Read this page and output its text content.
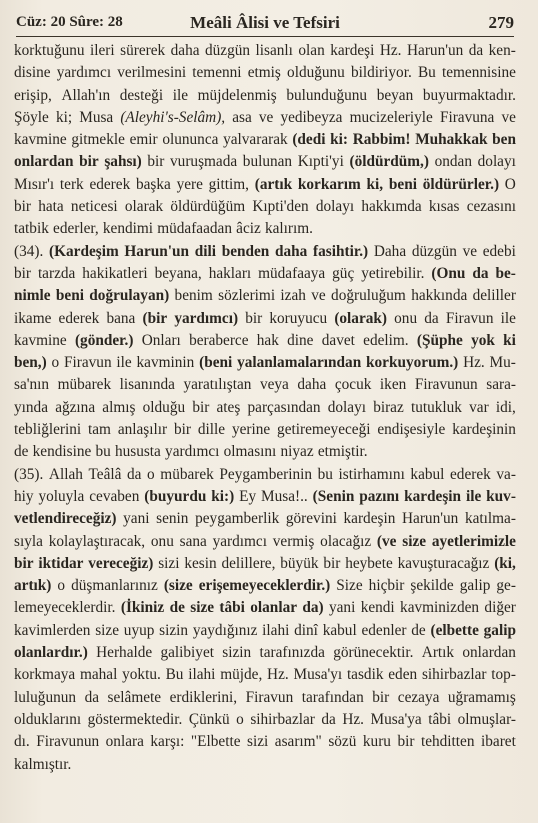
Cüz: 20 Sûre: 28	Meâli Âlisi ve Tefsiri	279
korktuğunu ileri sürerek daha düzgün lisanlı olan kardeşi Hz. Harun'un da ken-
disine yardımcı verilmesini temenni etmiş olduğunu bildiriyor. Bu temennisine
erişip, Allah'ın desteği ile müjdelenmiş bulunduğunu beyan buyurmaktadır.
Şöyle ki; Musa (Aleyhi's-Selâm), asa ve yedibeyza mucizeleriyle Firavuna ve
kavmine gitmekle emir olununca yalvararak (dedi ki: Rabbim! Muhakkak ben
onlardan bir şahsı) bir vuruşmada bulunan Kıpti'yi (öldürdüm,) ondan dolayı
Mısır'ı terk ederek başka yere gittim, (artık korkarım ki, beni öldürürler.) O
bir hata neticesi olarak öldürdüğüm Kıpti'den dolayı hakkımda kısas cezasını
tatbik ederler, kendimi müdafaadan âciz kalırım.
(34). (Kardeşim Harun'un dili benden daha fasihtir.) Daha düzgün ve edebi
bir tarzda hakikatleri beyana, hakları müdafaaya güç yetirebilir. (Onu da be-
nimle beni doğrulayan) benim sözlerimi izah ve doğruluğum hakkında deliller
ikame ederek bana (bir yardımcı) bir koruyucu (olarak) onu da Firavun ile
kavmine (gönder.) Onları beraberce hak dine davet edelim. (Şüphe yok ki
ben,) o Firavun ile kavminin (beni yalanlamalarından korkuyorum.) Hz. Mu-
sa'nın mübarek lisanında yaratılıştan veya daha çocuk iken Firavunun sara-
yında ağzına almış olduğu bir ateş parçasından dolayı biraz tutukluk var idi,
tebliğlerini tam anlaşılır bir dille yerine getiremeyeceği endişesiyle kardeşinin
de kendisine bu hususta yardımcı olmasını niyaz etmiştir.
(35). Allah Teâlâ da o mübarek Peygamberinin bu istirhamını kabul ederek va-
hiy yoluyla cevaben (buyurdu ki:) Ey Musa!.. (Senin pazını kardeşin ile kuv-
vetlendireceğiz) yani senin peygamberlik görevini kardeşin Harun'un katılma-
sıyla kolaylaştıracak, onu sana yardımcı vermiş olacağız (ve size ayetlerimizle
bir iktidar vereceğiz) sizi kesin delillere, büyük bir heybete kavuşturacağız (ki,
artık) o düşmanlarınız (size erişemeyeceklerdir.) Size hiçbir şekilde galip ge-
lemeyeceklerdir. (İkiniz de size tâbi olanlar da) yani kendi kavminizden diğer
kavimlerden size uyup sizin yaydığınız ilahi dinî kabul edenler de (elbette galip
olanlardır.) Herhalde galibiyet sizin tarafınızda görünecektir. Artık onlardan
korkmaya mahal yoktu. Bu ilahi müjde, Hz. Musa'yı tasdik eden sihirbazlar top-
luluğunun da selâmete erdiklerini, Firavun tarafından bir cezaya uğramamış
olduklarını göstermektedir. Çünkü o sihirbazlar da Hz. Musa'ya tâbi olmuşlar-
dı. Firavunun onlara karşı: "Elbette sizi asarım" sözü kuru bir tehditten ibaret
kalmıştır.
